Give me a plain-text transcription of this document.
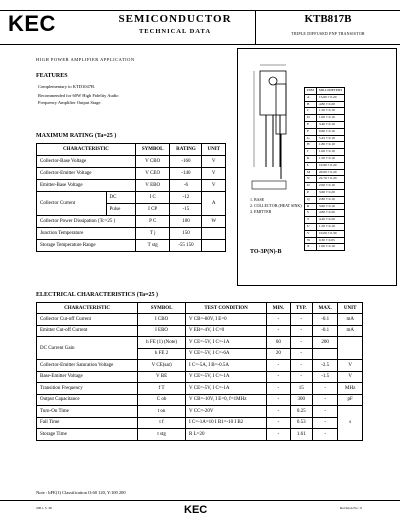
KEC	SEMICONDUCTOR
TECHNICAL DATA
KTB817B
TRIPLE DIFFUSED PNP TRANSISTOR
HIGH POWER AMPLIFIER APPLICATION
FEATURES
Complementary to KTD1047B.
Recommended for 60W High Fidelity Audio
Frequency Amplifier Output Stage.
DIM	MILLIMETERS
A	15.60 ± 0.20
B	4.80 ± 0.20
C	1.50 ± 0.10
D	1.00 ± 0.10
E	3.40 ± 0.10
F	0.60 ± 0.10
G	5.45 ± 0.10
H	1.80 ± 0.10
J	1.00 ± 0.10
K	1.50 ± 0.10
L	19.90 ± 0.20
M	20.00 ± 0.20
N	22.70 ± 0.20
O	2.00 ± 0.10
P	3.60 ± 0.20
Q	2.80 ± 0.10
R	3.60 ± 0.10
S	4.80 ± 0.20
T	4.20 ± 0.20
U	1.50 ± 0.10
V	19.00 ± 0.30
W	0.30 ± 0.05
X	1.00 ± 0.10
1. BASE
2. COLLECTOR (HEAT SINK)
3. EMITTER
TO-3P(N)-B
MAXIMUM RATING (Ta=25 )
CHARACTERISTIC		SYMBOL	RATING	UNIT
Collector-Base Voltage		V CBO	-160	V
Collector-Emitter Voltage		V CEO	-140	V
Emitter-Base Voltage		V EBO	-6	V
Collector Current	DC	I C	-12	A
	Pulse	I CP	-15	
Collector Power Dissipation (Tc=25 )		P C	100	W
Junction Temperature		T j	150	
Storage Temperature Range		T stg	-55 150	
ELECTRICAL CHARACTERISTICS (Ta=25 )
CHARACTERISTIC	SYMBOL	TEST CONDITION	MIN.	TYP.	MAX.	UNIT
Collector Cut-off Current	I CBO	V CB=-80V, I E=0	-	-	-0.1	mA
Emitter Cut-off Current	I EBO	V EB=-4V, I C=0	-	-	-0.1	mA
DC Current Gain	h FE (1) (Note)	V CE=-5V, I C=-1A	60	-	200	
	h FE 2	V CE=-5V, I C=-6A	20	-		
Collector-Emitter Saturation Voltage	V CE(sat)	I C=-5A, I B=-0.5A	-	-	-2.5	V
Base-Emitter Voltage	V BE	V CE=-5V, I C=-1A	-	-	-1.5	V
Transition Frequency	f T	V CE=-5V, I C=-1A	-	15	-	MHz
Output Capacitance	C ob	V CB=-10V, I E=0, f=1MHz	-	300	-	pF
Turn-On Time	t on	V CC=-20V	-	0.25	-	s
Fall Time	t f	I C=-1A=10 I B1=-10 I B2	-	0.53	-	
Storage Time	t stg	R L=20	-	1.61	-	
Note : hFE(1) Classification O:60 120, Y:100 200
2001. 5. 30	KEC	Revision No : 0
